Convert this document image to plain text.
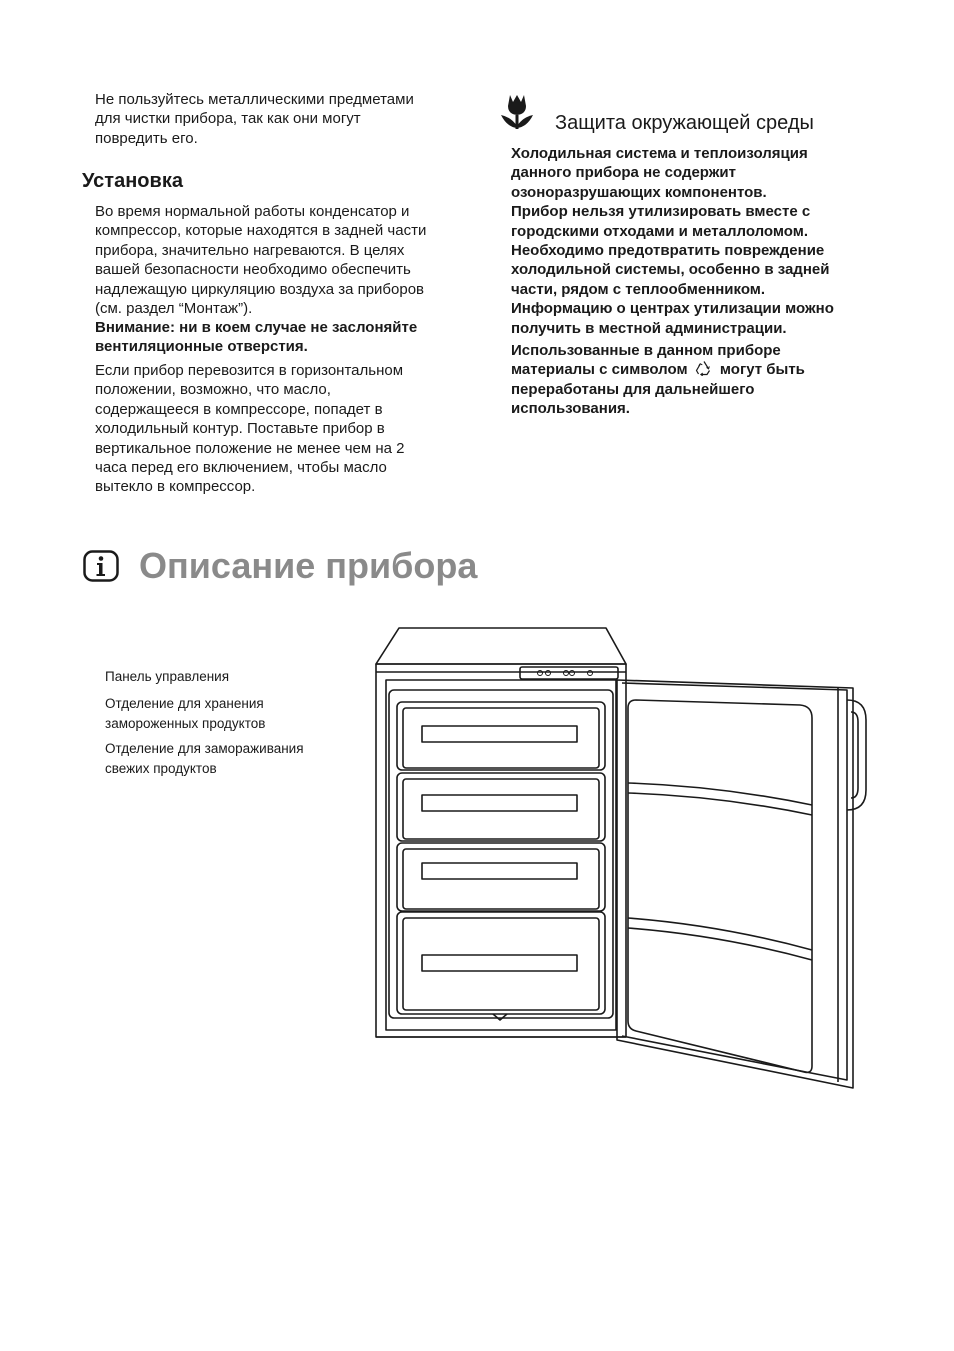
Не пользуйтесь металлическими предметами
для чистки прибора, так как они могут
повредить его.
Установка
Во время нормальной работы конденсатор и
компрессор, которые находятся в задней части
прибора, значительно нагреваются. В целях
вашей безопасности необходимо обеспечить
надлежащую циркуляцию воздуха за приборов
(см. раздел “Монтаж”).
Внимание: ни в коем случае не заслоняйте
вентиляционные отверстия.
Если прибор перевозится в горизонтальном
положении, возможно, что масло,
содержащееся в компрессоре, попадет в
холодильный контур. Поставьте прибор в
вертикальное положение не менее чем на 2
часа перед его включением, чтобы масло
вытекло в компрессор.
Защита окружающей среды
Холодильная система и теплоизоляция
данного прибора не содержит
озоноразрушающих компонентов.
Прибор нельзя утилизировать вместе с
городскими отходами и металлоломом.
Необходимо предотвратить повреждение
холодильной системы, особенно в задней
части, рядом с теплообменником.
Информацию о центрах утилизации можно
получить в местной администрации.
Использованные в данном приборе
материалы с символом могут быть
переработаны для дальнейшего
использования.
Описание прибора
Панель управления
Отделение для хранения
замороженных продуктов
Отделение для замораживания
свежих продуктов
